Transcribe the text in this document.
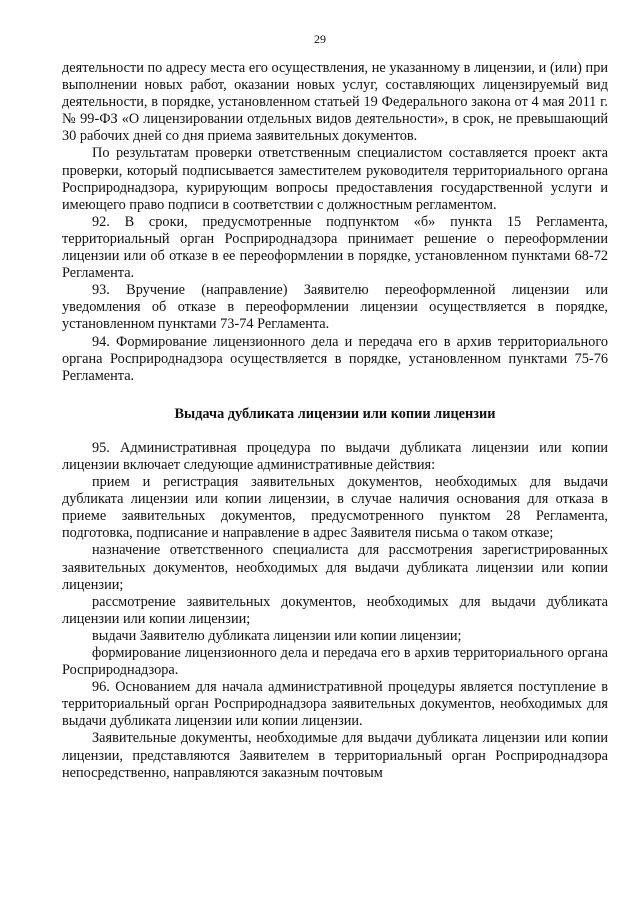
29

деятельности по адресу места его осуществления, не указанному в лицензии, и (или) при выполнении новых работ, оказании новых услуг, составляющих лицензируемый вид деятельности, в порядке, установленном статьей 19 Федерального закона от 4 мая 2011 г. № 99-ФЗ «О лицензировании отдельных видов деятельности», в срок, не превышающий 30 рабочих дней со дня приема заявительных документов.

По результатам проверки ответственным специалистом составляется проект акта проверки, который подписывается заместителем руководителя территориального органа Росприроднадзора, курирующим вопросы предоставления государственной услуги и имеющего право подписи в соответствии с должностным регламентом.

92. В сроки, предусмотренные подпунктом «б» пункта 15 Регламента, территориальный орган Росприроднадзора принимает решение о переоформлении лицензии или об отказе в ее переоформлении в порядке, установленном пунктами 68-72 Регламента.

93. Вручение (направление) Заявителю переоформленной лицензии или уведомления об отказе в переоформлении лицензии осуществляется в порядке, установленном пунктами 73-74 Регламента.

94. Формирование лицензионного дела и передача его в архив территориального органа Росприроднадзора осуществляется в порядке, установленном пунктами 75-76 Регламента.

Выдача дубликата лицензии или копии лицензии

95. Административная процедура по выдачи дубликата лицензии или копии лицензии включает следующие административные действия:

прием и регистрация заявительных документов, необходимых для выдачи дубликата лицензии или копии лицензии, в случае наличия основания для отказа в приеме заявительных документов, предусмотренного пунктом 28 Регламента, подготовка, подписание и направление в адрес Заявителя письма о таком отказе;

назначение ответственного специалиста для рассмотрения зарегистрированных заявительных документов, необходимых для выдачи дубликата лицензии или копии лицензии;

рассмотрение заявительных документов, необходимых для выдачи дубликата лицензии или копии лицензии;

выдачи Заявителю дубликата лицензии или копии лицензии;

формирование лицензионного дела и передача его в архив территориального органа Росприроднадзора.

96. Основанием для начала административной процедуры является поступление в территориальный орган Росприроднадзора заявительных документов, необходимых для выдачи дубликата лицензии или копии лицензии.

Заявительные документы, необходимые для выдачи дубликата лицензии или копии лицензии, представляются Заявителем в территориальный орган Росприроднадзора непосредственно, направляются заказным почтовым
